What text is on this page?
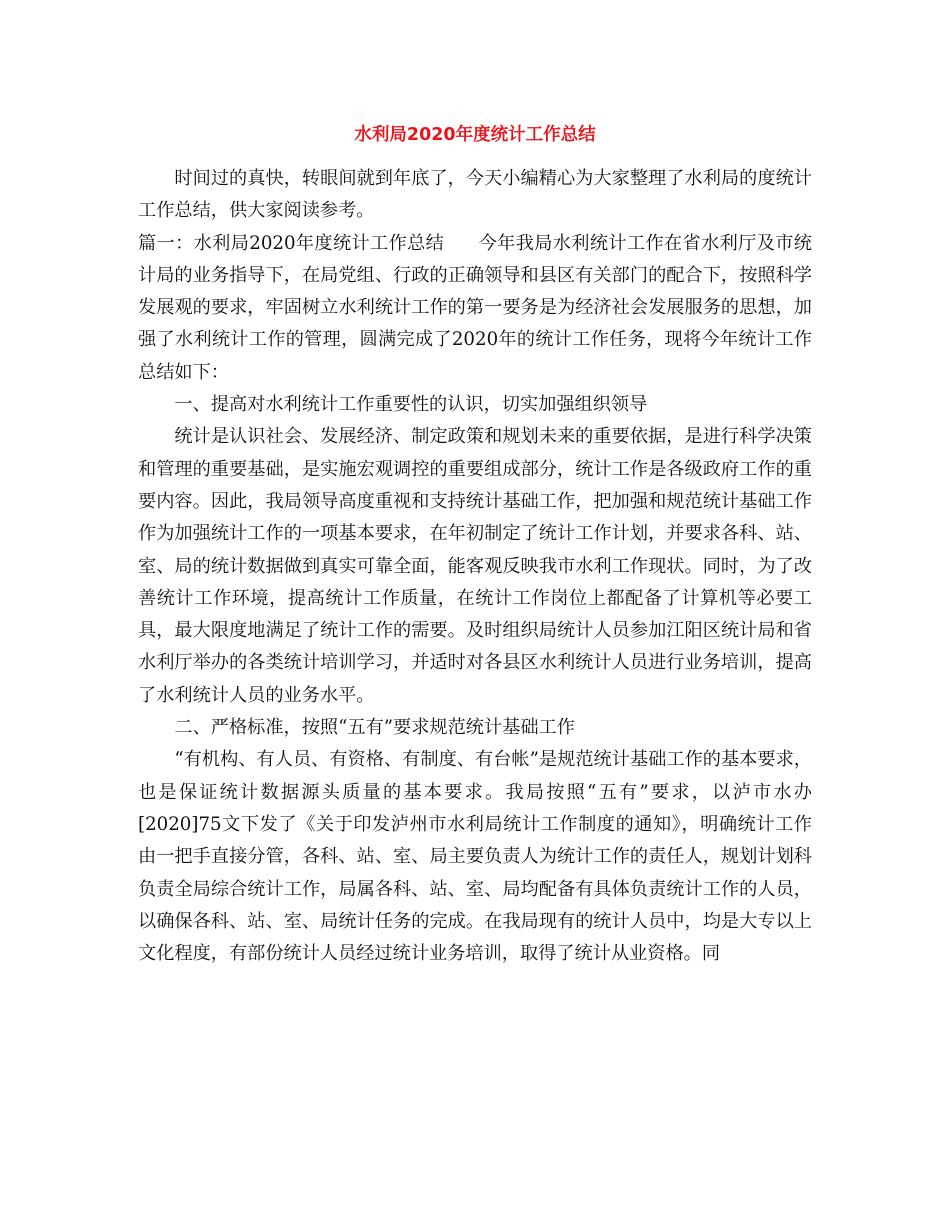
水利局2020年度统计工作总结

时间过的真快，转眼间就到年底了，今天小编精心为大家整理了水利局的度统计工作总结，供大家阅读参考。

篇一：水利局2020年度统计工作总结 今年我局水利统计工作在省水利厅及市统计局的业务指导下，在局党组、行政的正确领导和县区有关部门的配合下，按照科学发展观的要求，牢固树立水利统计工作的第一要务是为经济社会发展服务的思想，加强了水利统计工作的管理，圆满完成了2020年的统计工作任务，现将今年统计工作总结如下：

一、提高对水利统计工作重要性的认识，切实加强组织领导

统计是认识社会、发展经济、制定政策和规划未来的重要依据，是进行科学决策和管理的重要基础，是实施宏观调控的重要组成部分，统计工作是各级政府工作的重要内容。因此，我局领导高度重视和支持统计基础工作，把加强和规范统计基础工作作为加强统计工作的一项基本要求，在年初制定了统计工作计划，并要求各科、站、室、局的统计数据做到真实可靠全面，能客观反映我市水利工作现状。同时，为了改善统计工作环境，提高统计工作质量，在统计工作岗位上都配备了计算机等必要工具，最大限度地满足了统计工作的需要。及时组织局统计人员参加江阳区统计局和省水利厅举办的各类统计培训学习，并适时对各县区水利统计人员进行业务培训，提高了水利统计人员的业务水平。

二、严格标准，按照“五有”要求规范统计基础工作

“有机构、有人员、有资格、有制度、有台帐”是规范统计基础工作的基本要求，也是保证统计数据源头质量的基本要求。我局按照“五有”要求，以泸市水办[2020]75文下发了《关于印发泸州市水利局统计工作制度的通知》，明确统计工作由一把手直接分管，各科、站、室、局主要负责人为统计工作的责任人，规划计划科负责全局综合统计工作，局属各科、站、室、局均配备有具体负责统计工作的人员，以确保各科、站、室、局统计任务的完成。在我局现有的统计人员中，均是大专以上文化程度，有部份统计人员经过统计业务培训，取得了统计从业资格。同
